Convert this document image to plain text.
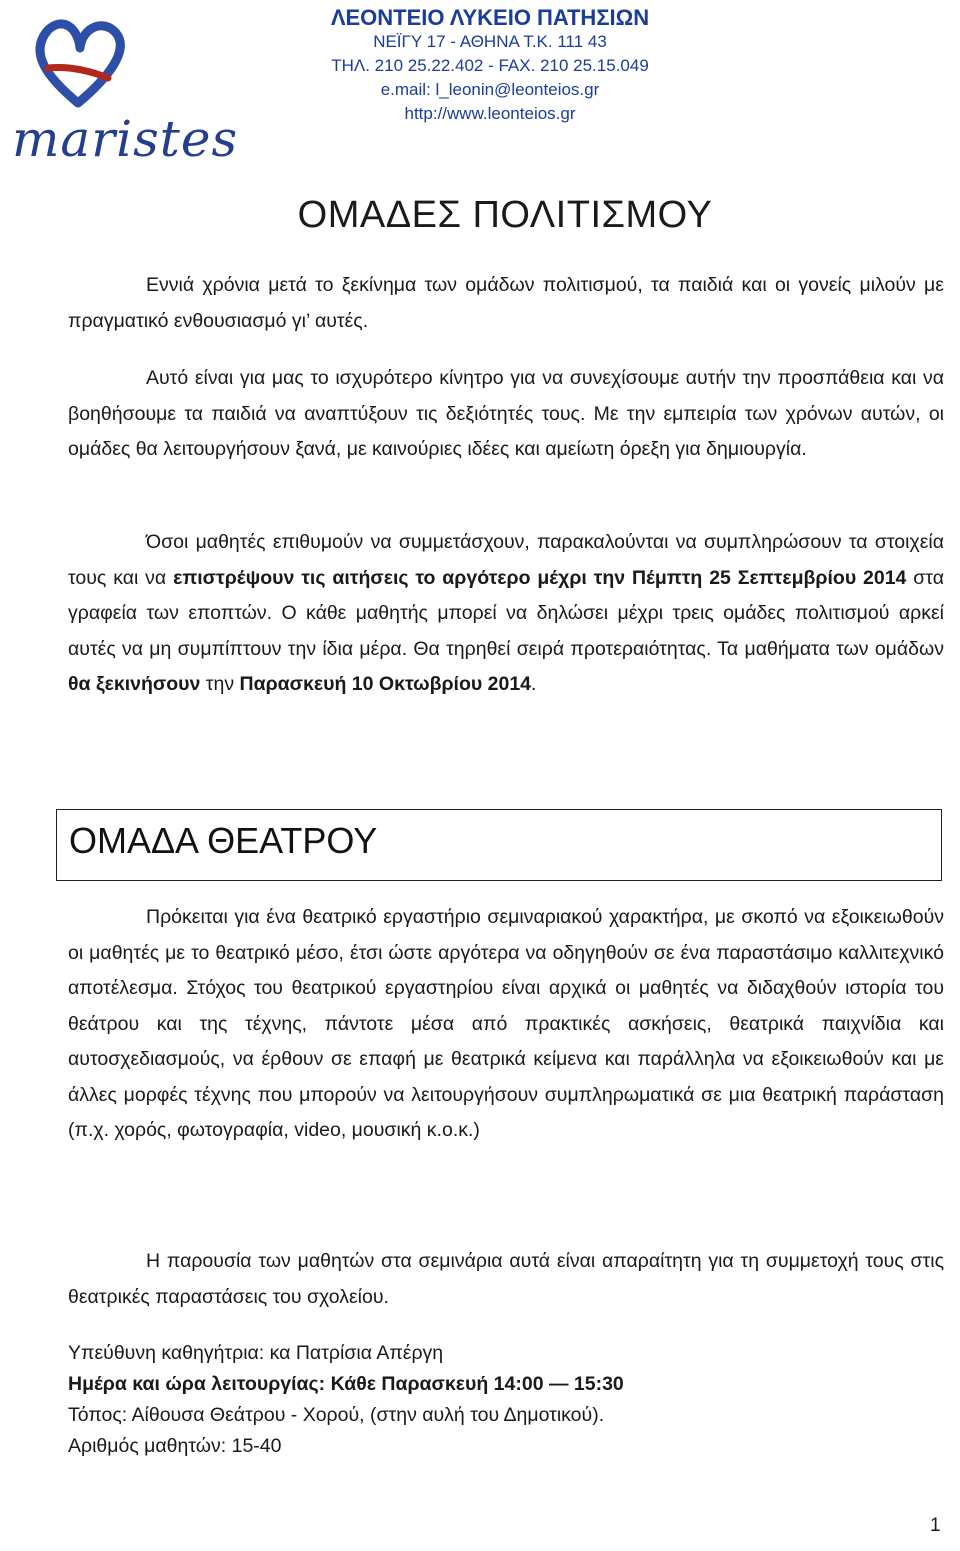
maristes
ΛΕΟΝΤΕΙΟ ΛΥΚΕΙΟ ΠΑΤΗΣΙΩΝ
ΝΕΪΓΥ 17 - ΑΘΗΝΑ Τ.Κ. 111 43
ΤΗΛ. 210 25.22.402 - FAX. 210 25.15.049
e.mail: l_leonin@leonteios.gr
http://www.leonteios.gr
ΟΜΑΔΕΣ ΠΟΛΙΤΙΣΜΟΥ

Εννιά χρόνια μετά το ξεκίνημα των ομάδων πολιτισμού, τα παιδιά και οι γονείς μιλούν με πραγματικό ενθουσιασμό γι’ αυτές.

Αυτό είναι για μας το ισχυρότερο κίνητρο για να συνεχίσουμε αυτήν την προσπάθεια και να βοηθήσουμε τα παιδιά να αναπτύξουν τις δεξιότητές τους. Με την εμπειρία των χρόνων αυτών, οι ομάδες θα λειτουργήσουν ξανά, με καινούριες ιδέες και αμείωτη όρεξη για δημιουργία.

Όσοι μαθητές επιθυμούν να συμμετάσχουν, παρακαλούνται να συμπληρώσουν τα στοιχεία τους και να επιστρέψουν τις αιτήσεις το αργότερο μέχρι την Πέμπτη 25 Σεπτεμβρίου 2014 στα γραφεία των εποπτών. Ο κάθε μαθητής μπορεί να δηλώσει μέχρι τρεις ομάδες πολιτισμού αρκεί αυτές να μη συμπίπτουν την ίδια μέρα. Θα τηρηθεί σειρά προτεραιότητας. Τα μαθήματα των ομάδων θα ξεκινήσουν την Παρασκευή 10 Οκτωβρίου 2014.

ΟΜΑΔΑ ΘΕΑΤΡΟΥ

Πρόκειται για ένα θεατρικό εργαστήριο σεμιναριακού χαρακτήρα, με σκοπό να εξοικειωθούν οι μαθητές με το θεατρικό μέσο, έτσι ώστε αργότερα να οδηγηθούν σε ένα παραστάσιμο καλλιτεχνικό αποτέλεσμα. Στόχος του θεατρικού εργαστηρίου είναι αρχικά οι μαθητές να διδαχθούν ιστορία του θεάτρου και της τέχνης, πάντοτε μέσα από πρακτικές ασκήσεις, θεατρικά παιχνίδια και αυτοσχεδιασμούς, να έρθουν σε επαφή με θεατρικά κείμενα και παράλληλα να εξοικειωθούν και με άλλες μορφές τέχνης που μπορούν να λειτουργήσουν συμπληρωματικά σε μια θεατρική παράσταση (π.χ. χορός, φωτογραφία, video, μουσική κ.ο.κ.)

Η παρουσία των μαθητών στα σεμινάρια αυτά είναι απαραίτητη για τη συμμετοχή τους στις θεατρικές παραστάσεις του σχολείου.

Υπεύθυνη καθηγήτρια: κα Πατρίσια Απέργη
Ημέρα και ώρα λειτουργίας: Κάθε Παρασκευή 14:00 — 15:30
Τόπος: Αίθουσα Θεάτρου - Χορού, (στην αυλή του Δημοτικού).
Αριθμός μαθητών: 15-40
1
